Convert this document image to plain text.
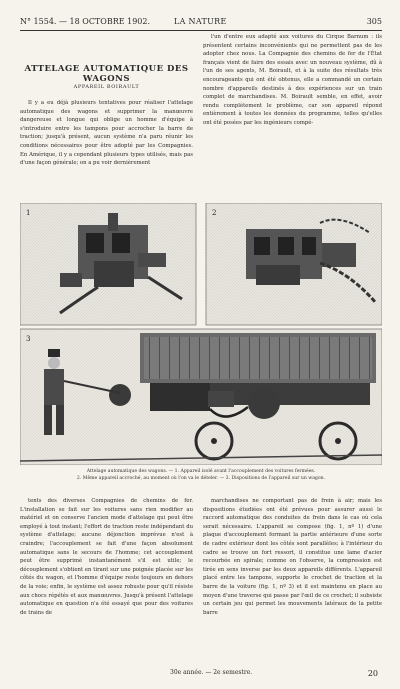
N° 1554. — 18 OCTOBRE 1902.	LA NATURE	305
ATTELAGE AUTOMATIQUE DES WAGONS
APPAREIL BOIRAULT

Il y a eu déjà plusieurs tentatives pour réaliser l'attelage automatique des wagons et supprimer la manœuvre dangereuse et longue qui oblige un homme d'équipe à s'introduire entre les tampons pour accrocher la barre de traction; jusqu'à présent, aucun système n'a paru réunir les conditions nécessaires pour être adopté par les Compagnies. En Amérique, il y a cependant plusieurs types utilisés, mais pas d'une façon générale; on a pu voir dernièrement

l'un d'entre eux adapté aux voitures du Cirque Barnum : ils présentent certains inconvénients qui ne permettent pas de les adopter chez nous. La Compagnie des chemins de fer de l'État français vient de faire des essais avec un nouveau système, dû à l'un de ses agents, M. Boirault, et à la suite des résultats très encourageants qui ont été obtenus, elle a commandé un certain nombre d'appareils destinés à des expériences sur un train complet de marchandises. M. Boirault semble, en effet, avoir rendu complètement le problème, car son appareil répond entièrement à toutes les données du programme, telles qu'elles ont été posées par les ingénieurs compé-

1	2
3
Attelage automatique des wagons. — 1. Appareil isolé avant l'accouplement des voitures fermées.
2. Même appareil accroché, au moment où l'on va le dételer. — 3. Dispositions de l'appareil sur un wagon.

tents des diverses Compagnies de chemins de fer. L'installation se fait sur les voitures sans rien modifier au matériel et on conserve l'ancien mode d'attelage qui peut être employé à tout instant; l'effort de traction reste indépendant du système d'attelage; aucune déjonction imprévue n'est à craindre; l'accouplement se fait d'une façon absolument automatique sans le secours de l'homme; cet accouplement peut être supprimé instantanément s'il est utile; le découplement s'obtient en tirant sur une poignée placée sur les côtés du wagon, et l'homme d'équipe reste toujours en dehors de la voie; enfin, le système est assez robuste pour qu'il résiste aux chocs répétés et aux manœuvres. Jusqu'à présent l'attelage automatique en question n'a été essayé que pour des voitures de trains de

marchandises ne comportant pas de frein à air; mais les dispositions étudiées ont été prévues pour assurer aussi le raccord automatique des conduites de frein dans le cas où cela serait nécessaire. L'appareil se compose (fig. 1, nº 1) d'une plaque d'accouplement formant la partie antérieure d'une sorte de cadre extérieur dont les côtés sont parallèles; à l'intérieur du cadre se trouve un fort ressort, il constitue une lame d'acier recourbée en spirale; comme on l'observe, la compression est tirée en sens inverse par les deux appareils différents. L'appareil placé entre les tampons, supporte le crochet de traction et la barre de la voiture (fig. 1, nº 3) et il est maintenu en place au moyen d'une traverse qui passe par l'œil de ce crochet; il subsiste un certain jeu qui permet les mouvements latéraux de la petite barre

30e année. — 2e semestre.	20
